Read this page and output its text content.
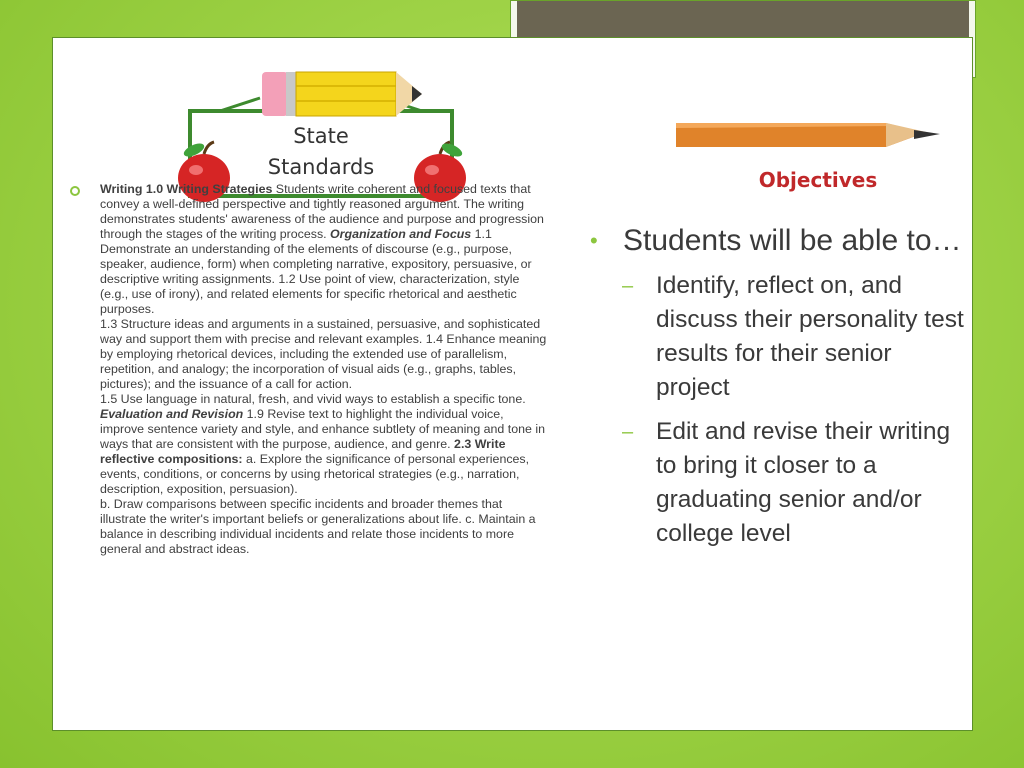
State
Standards
Objectives
Writing 1.0 Writing Strategies Students write coherent and focused texts that convey a well-defined perspective and tightly reasoned argument. The writing demonstrates students' awareness of the audience and purpose and progression through the stages of the writing process. Organization and Focus 1.1 Demonstrate an understanding of the elements of discourse (e.g., purpose, speaker, audience, form) when completing narrative, expository, persuasive, or descriptive writing assignments. 1.2 Use point of view, characterization, style (e.g., use of irony), and related elements for specific rhetorical and aesthetic purposes.
1.3 Structure ideas and arguments in a sustained, persuasive, and sophisticated way and support them with precise and relevant examples. 1.4 Enhance meaning by employing rhetorical devices, including the extended use of parallelism, repetition, and analogy; the incorporation of visual aids (e.g., graphs, tables, pictures); and the issuance of a call for action.
1.5 Use language in natural, fresh, and vivid ways to establish a specific tone. Evaluation and Revision 1.9 Revise text to highlight the individual voice, improve sentence variety and style, and enhance subtlety of meaning and tone in ways that are consistent with the purpose, audience, and genre. 2.3 Write reflective compositions: a. Explore the significance of personal experiences, events, conditions, or concerns by using rhetorical strategies (e.g., narration, description, exposition, persuasion).
b. Draw comparisons between specific incidents and broader themes that illustrate the writer's important beliefs or generalizations about life. c. Maintain a balance in describing individual incidents and relate those incidents to more general and abstract ideas.
• Students will be able to…
– Identify, reflect on, and discuss their personality test results for their senior project
– Edit and revise their writing to bring it closer to a graduating senior and/or college level
